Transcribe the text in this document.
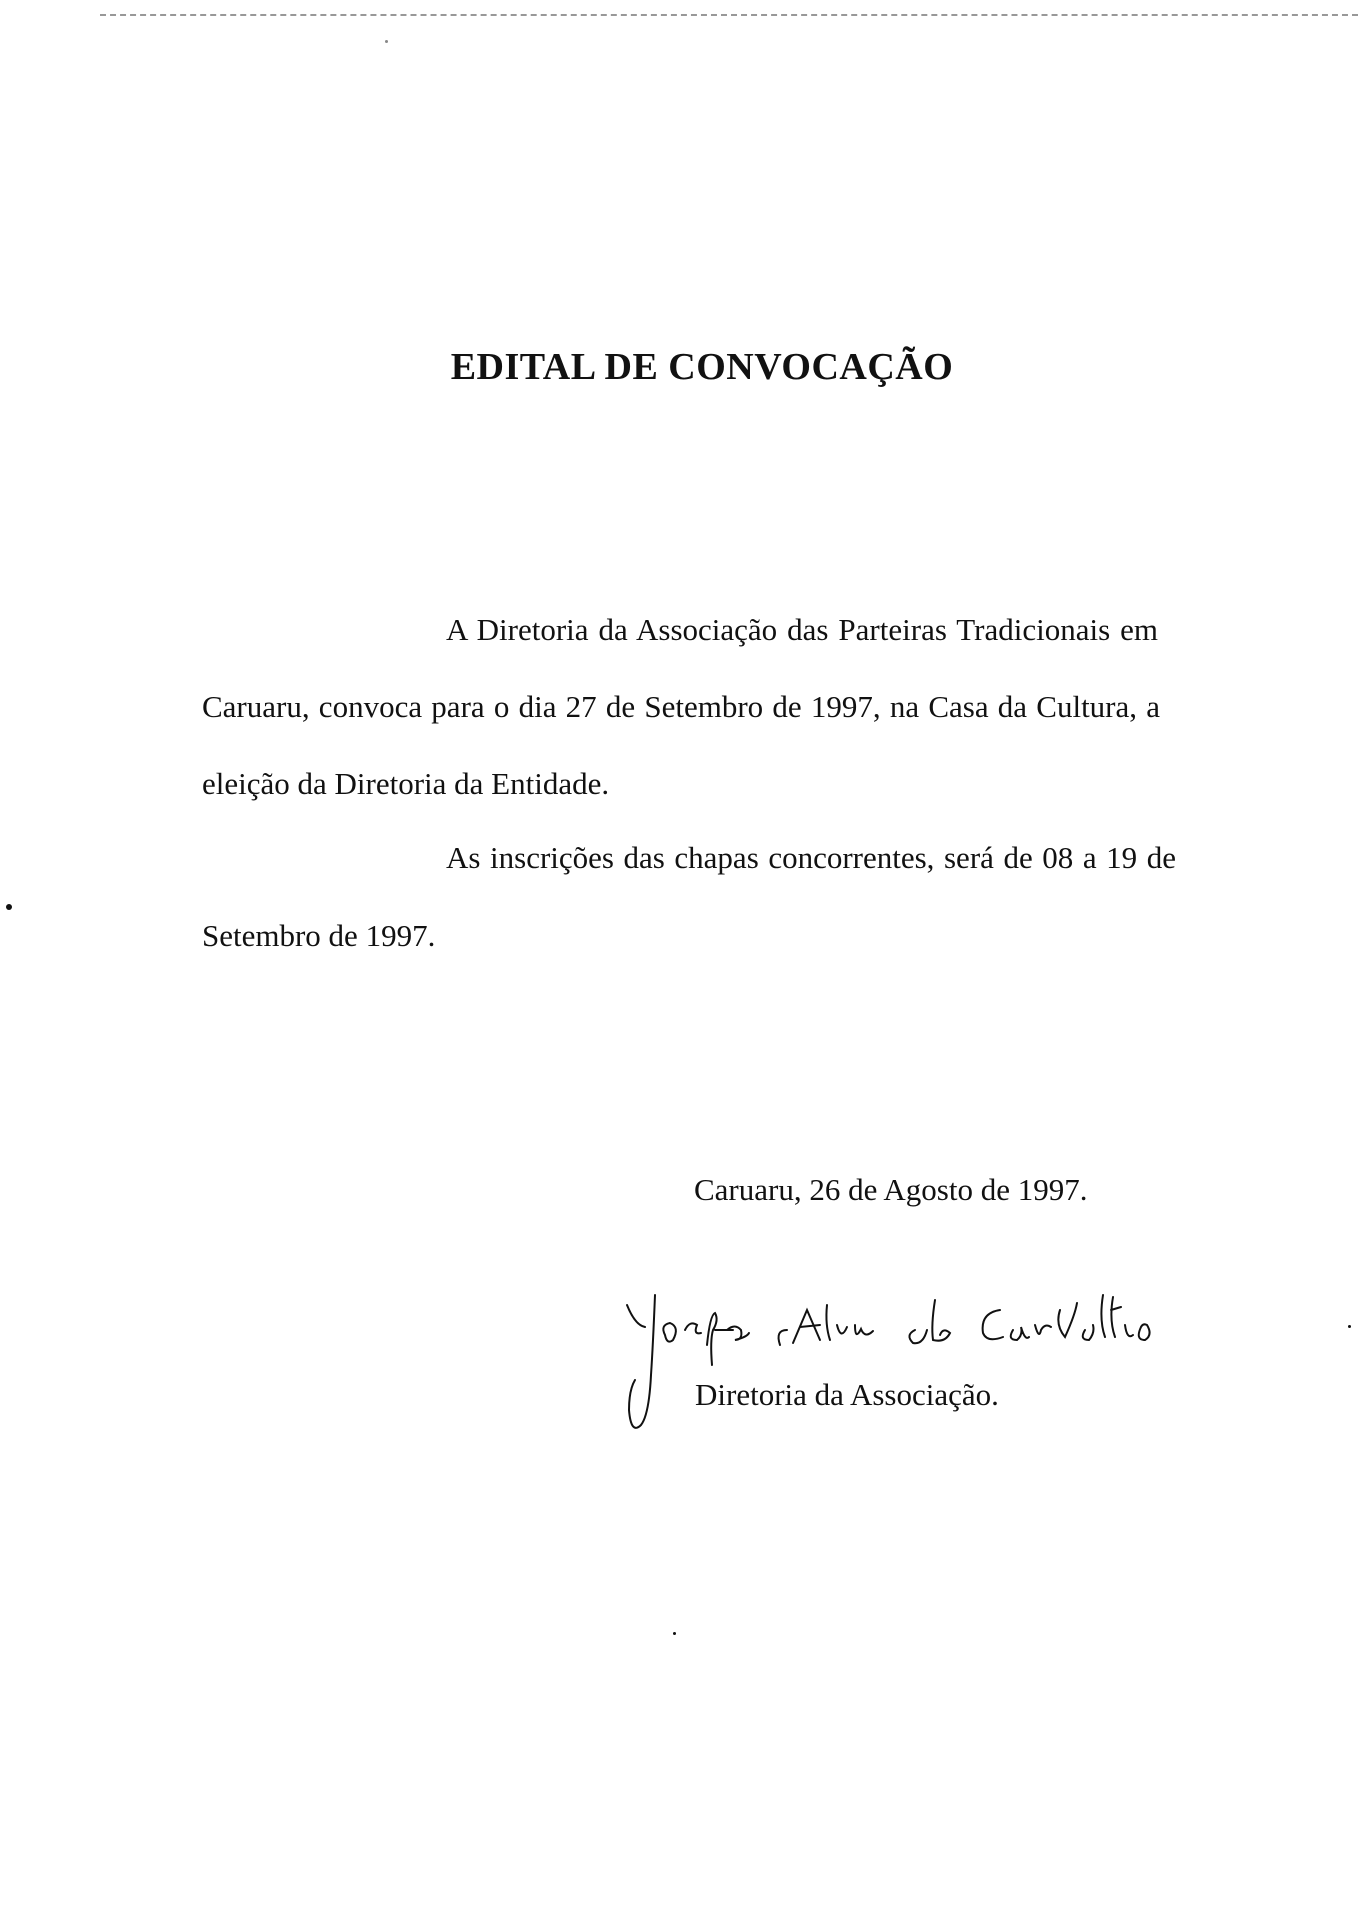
EDITAL DE CONVOCAÇÃO
A Diretoria da Associação das Parteiras Tradicionais em
Caruaru, convoca para o dia 27 de Setembro de 1997, na Casa da Cultura, a
eleição da Diretoria da Entidade.
As inscrições das chapas concorrentes, será de 08 a 19 de
Setembro de 1997.
Caruaru, 26 de Agosto de 1997.
Diretoria da Associação.
